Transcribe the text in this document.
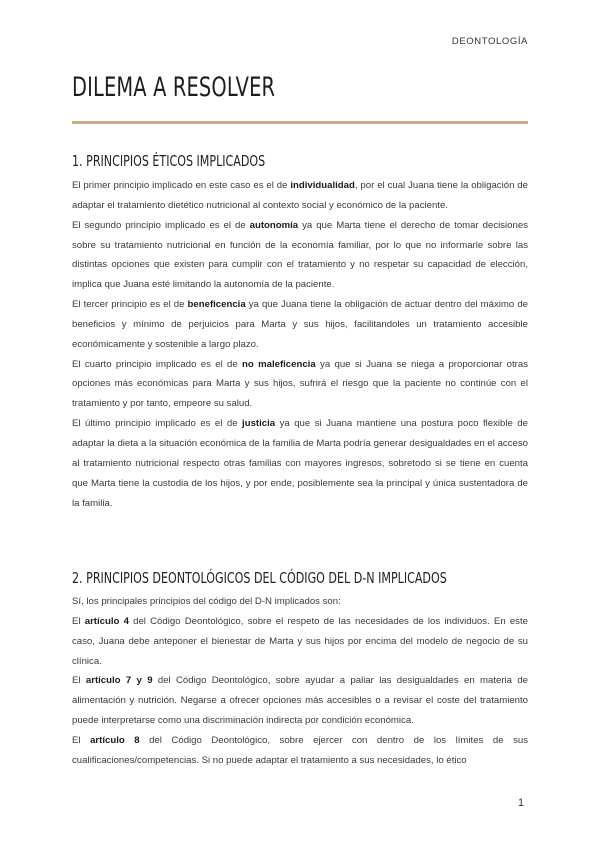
DEONTOLOGÍA
DILEMA A RESOLVER
1. PRINCIPIOS ÉTICOS IMPLICADOS

El primer principio implicado en este caso es el de individualidad, por el cual Juana tiene la obligación de adaptar el tratamiento dietético nutricional al contexto social y económico de la paciente.

El segundo principio implicado es el de autonomía ya que Marta tiene el derecho de tomar decisiones sobre su tratamiento nutricional en función de la economía familiar, por lo que no informarle sobre las distintas opciones que existen para cumplir con el tratamiento y no respetar su capacidad de elección, implica que Juana esté limitando la autonomía de la paciente.

El tercer principio es el de beneficencia ya que Juana tiene la obligación de actuar dentro del máximo de beneficios y mínimo de perjuicios para Marta y sus hijos, facilitandoles un tratamiento accesible económicamente y sostenible a largo plazo.

El cuarto principio implicado es el de no maleficencia ya que si Juana se niega a proporcionar otras opciones más económicas para Marta y sus hijos, sufrirá el riesgo que la paciente no continúe con el tratamiento y por tanto, empeore su salud.

El último principio implicado es el de justicia ya que si Juana mantiene una postura poco flexible de adaptar la dieta a la situación económica de la familia de Marta podría generar desigualdades en el acceso al tratamiento nutricional respecto otras familias con mayores ingresos, sobretodo si se tiene en cuenta que Marta tiene la custodia de los hijos, y por ende, posiblemente sea la principal y única sustentadora de la familia.

2. PRINCIPIOS DEONTOLÓGICOS DEL CÓDIGO DEL D-N IMPLICADOS

Sí, los principales principios del código del D-N implicados son:

El artículo 4 del Código Deontológico, sobre el respeto de las necesidades de los individuos. En este caso, Juana debe anteponer el bienestar de Marta y sus hijos por encima del modelo de negocio de su clínica.

El artículo 7 y 9 del Código Deontológico, sobre ayudar a paliar las desigualdades en materia de alimentación y nutrición. Negarse a ofrecer opciones más accesibles o a revisar el coste del tratamiento puede interpretarse como una discriminación indirecta por condición económica.

El artículo 8 del Código Deontológico, sobre ejercer con dentro de los límites de sus cualificaciones/competencias. Si no puede adaptar el tratamiento a sus necesidades, lo ético

1
